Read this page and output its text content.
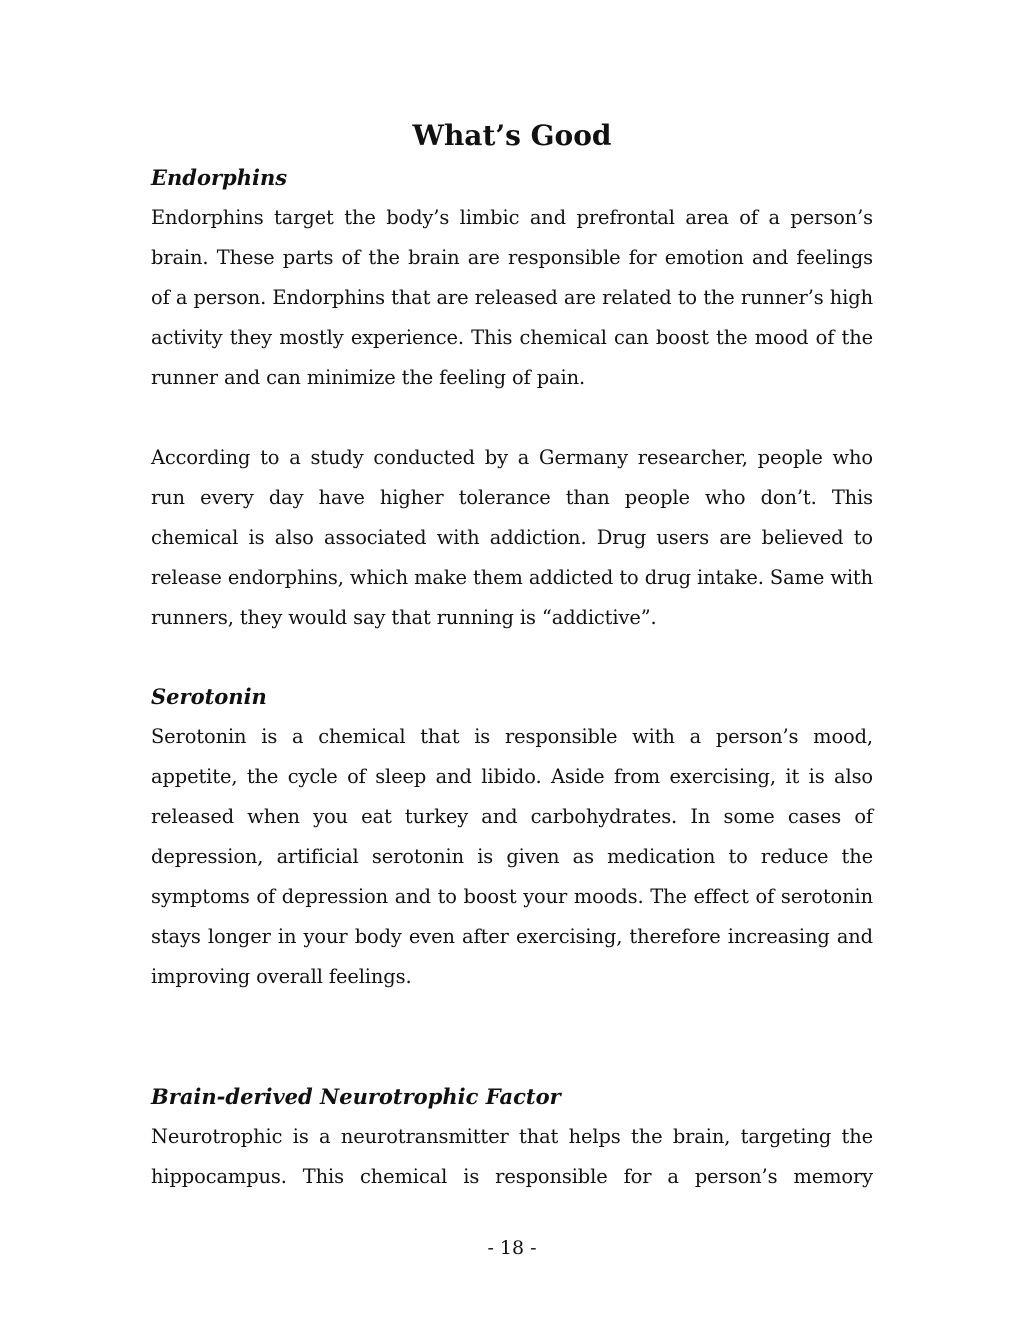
What’s Good
Endorphins

Endorphins target the body’s limbic and prefrontal area of a person’s brain. These parts of the brain are responsible for emotion and feelings of a person. Endorphins that are released are related to the runner’s high activity they mostly experience. This chemical can boost the mood of the runner and can minimize the feeling of pain.

According to a study conducted by a Germany researcher, people who run every day have higher tolerance than people who don’t. This chemical is also associated with addiction. Drug users are believed to release endorphins, which make them addicted to drug intake. Same with runners, they would say that running is “addictive”.

Serotonin

Serotonin is a chemical that is responsible with a person’s mood, appetite, the cycle of sleep and libido. Aside from exercising, it is also released when you eat turkey and carbohydrates. In some cases of depression, artificial serotonin is given as medication to reduce the symptoms of depression and to boost your moods. The effect of serotonin stays longer in your body even after exercising, therefore increasing and improving overall feelings.

Brain-derived Neurotrophic Factor

Neurotrophic is a neurotransmitter that helps the brain, targeting the hippocampus. This chemical is responsible for a person’s memory

- 18 -
